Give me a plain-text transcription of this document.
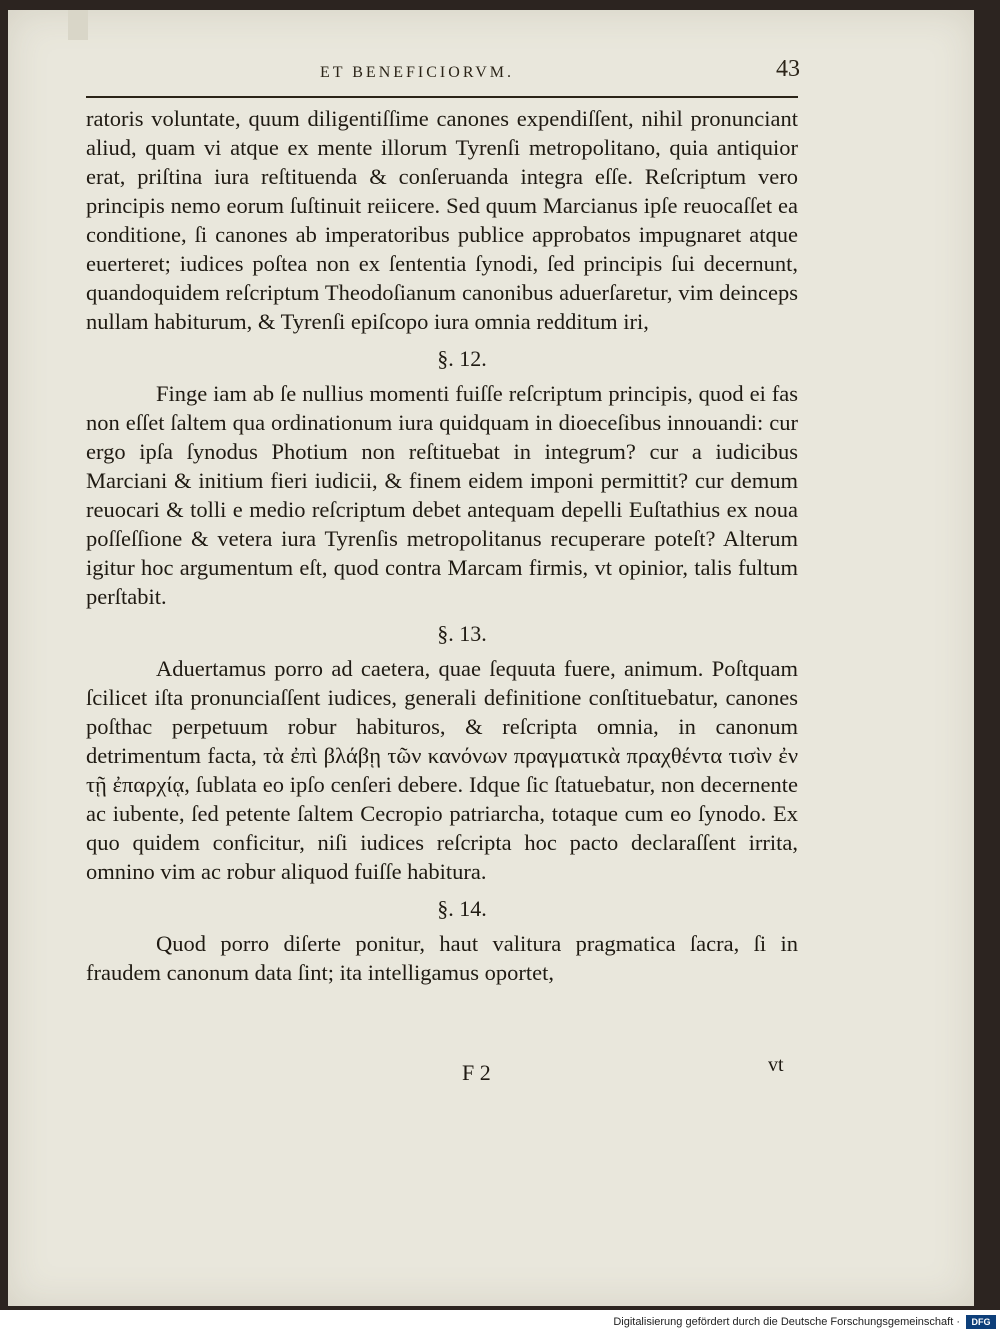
ET BENEFICIORVM.	43

ratoris voluntate, quum diligentiſſime canones expendiſſent, nihil pronunciant aliud, quam vi atque ex mente illorum Tyrenſi metropolitano, quia antiquior erat, priſtina iura reſtituenda & conſeruanda integra eſſe. Reſcriptum vero principis nemo eorum ſuſtinuit reiicere. Sed quum Marcianus ipſe reuocaſſet ea conditione, ſi canones ab imperatoribus publice approbatos impugnaret atque euerteret; iudices poſtea non ex ſententia ſynodi, ſed principis ſui decernunt, quandoquidem reſcriptum Theodoſianum canonibus aduerſaretur, vim deinceps nullam habiturum, & Tyrenſi epiſcopo iura omnia redditum iri,

§. 12.

Finge iam ab ſe nullius momenti fuiſſe reſcriptum principis, quod ei fas non eſſet ſaltem qua ordinationum iura quidquam in dioeceſibus innouandi: cur ergo ipſa ſynodus Photium non reſtituebat in integrum? cur a iudicibus Marciani & initium fieri iudicii, & finem eidem imponi permittit? cur demum reuocari & tolli e medio reſcriptum debet antequam depelli Euſtathius ex noua poſſeſſione & vetera iura Tyrenſis metropolitanus recuperare poteſt? Alterum igitur hoc argumentum eſt, quod contra Marcam firmis, vt opinior, talis fultum perſtabit.

§. 13.

Aduertamus porro ad caetera, quae ſequuta fuere, animum. Poſtquam ſcilicet iſta pronunciaſſent iudices, generali definitione conſtituebatur, canones poſthac perpetuum robur habituros, & reſcripta omnia, in canonum detrimentum facta, τὰ ἐπὶ βλάβῃ τῶν κανόνων πραγματικὰ πραχθέντα τισὶν ἐν τῇ ἐπαρχίᾳ, ſublata eo ipſo cenſeri debere. Idque ſic ſtatuebatur, non decernente ac iubente, ſed petente ſaltem Cecropio patriarcha, totaque cum eo ſynodo. Ex quo quidem conficitur, niſi iudices reſcripta hoc pacto declaraſſent irrita, omnino vim ac robur aliquod fuiſſe habitura.

§. 14.

Quod porro diſerte ponitur, haut valitura pragmatica ſacra, ſi in fraudem canonum data ſint; ita intelligamus oportet,

F 2	vt
Digitalisierung gefördert durch die Deutsche Forschungsgemeinschaft ·	DFG
